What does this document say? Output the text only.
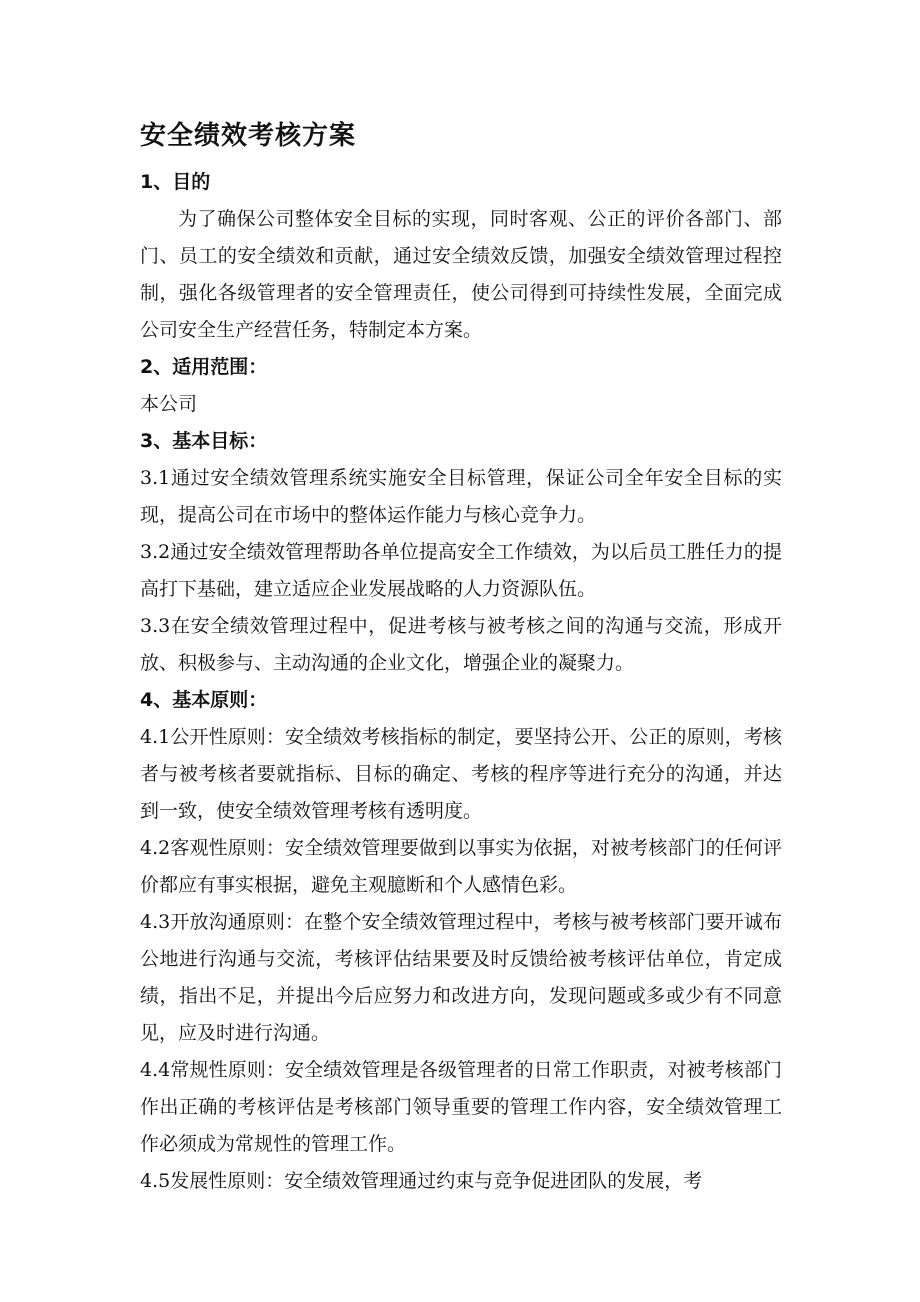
安全绩效考核方案

1、目的

为了确保公司整体安全目标的实现，同时客观、公正的评价各部门、部门、员工的安全绩效和贡献，通过安全绩效反馈，加强安全绩效管理过程控制，强化各级管理者的安全管理责任，使公司得到可持续性发展，全面完成公司安全生产经营任务，特制定本方案。

2、适用范围：

本公司

3、基本目标：

3.1通过安全绩效管理系统实施安全目标管理，保证公司全年安全目标的实现，提高公司在市场中的整体运作能力与核心竞争力。

3.2通过安全绩效管理帮助各单位提高安全工作绩效，为以后员工胜任力的提高打下基础，建立适应企业发展战略的人力资源队伍。

3.3在安全绩效管理过程中，促进考核与被考核之间的沟通与交流，形成开放、积极参与、主动沟通的企业文化，增强企业的凝聚力。

4、基本原则：

4.1公开性原则：安全绩效考核指标的制定，要坚持公开、公正的原则，考核者与被考核者要就指标、目标的确定、考核的程序等进行充分的沟通，并达到一致，使安全绩效管理考核有透明度。

4.2客观性原则：安全绩效管理要做到以事实为依据，对被考核部门的任何评价都应有事实根据，避免主观臆断和个人感情色彩。

4.3开放沟通原则：在整个安全绩效管理过程中，考核与被考核部门要开诚布公地进行沟通与交流，考核评估结果要及时反馈给被考核评估单位，肯定成绩，指出不足，并提出今后应努力和改进方向，发现问题或多或少有不同意见，应及时进行沟通。

4.4常规性原则：安全绩效管理是各级管理者的日常工作职责，对被考核部门作出正确的考核评估是考核部门领导重要的管理工作内容，安全绩效管理工作必须成为常规性的管理工作。

4.5发展性原则：安全绩效管理通过约束与竞争促进团队的发展，考
